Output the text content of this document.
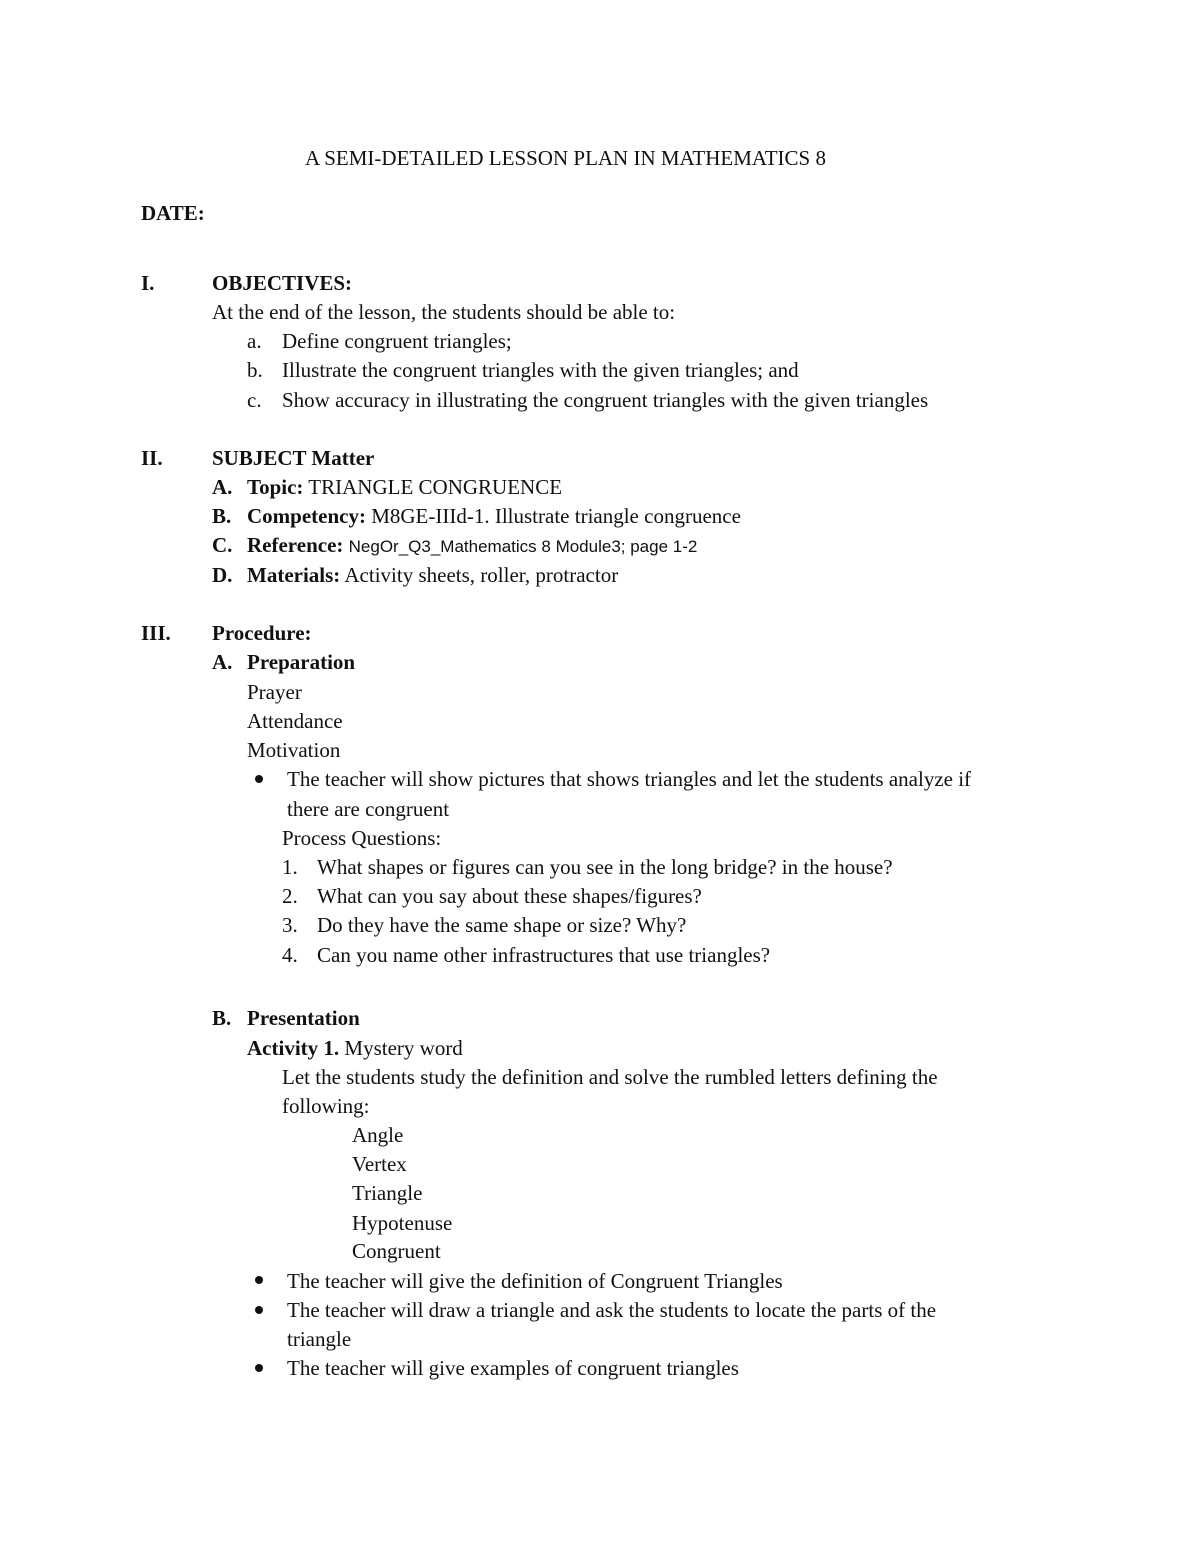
A SEMI-DETAILED LESSON PLAN IN MATHEMATICS 8
DATE:
I.	OBJECTIVES:
At the end of the lesson, the students should be able to:
a. Define congruent triangles;
b. Illustrate the congruent triangles with the given triangles; and
c. Show accuracy in illustrating the congruent triangles with the given triangles
II. SUBJECT Matter
A. Topic: TRIANGLE CONGRUENCE
B. Competency: M8GE-IIId-1. Illustrate triangle congruence
C. Reference: NegOr_Q3_Mathematics 8 Module3; page 1-2
D. Materials: Activity sheets, roller, protractor
III. Procedure:
A. Preparation
Prayer
Attendance
Motivation
The teacher will show pictures that shows triangles and let the students analyze if
there are congruent
Process Questions:
1. What shapes or figures can you see in the long bridge? in the house?
2. What can you say about these shapes/figures?
3. Do they have the same shape or size? Why?
4. Can you name other infrastructures that use triangles?
B. Presentation
Activity 1. Mystery word
Let the students study the definition and solve the rumbled letters defining the
following:
Angle
Vertex
Triangle
Hypotenuse
Congruent
The teacher will give the definition of Congruent Triangles
The teacher will draw a triangle and ask the students to locate the parts of the
triangle
The teacher will give examples of congruent triangles
